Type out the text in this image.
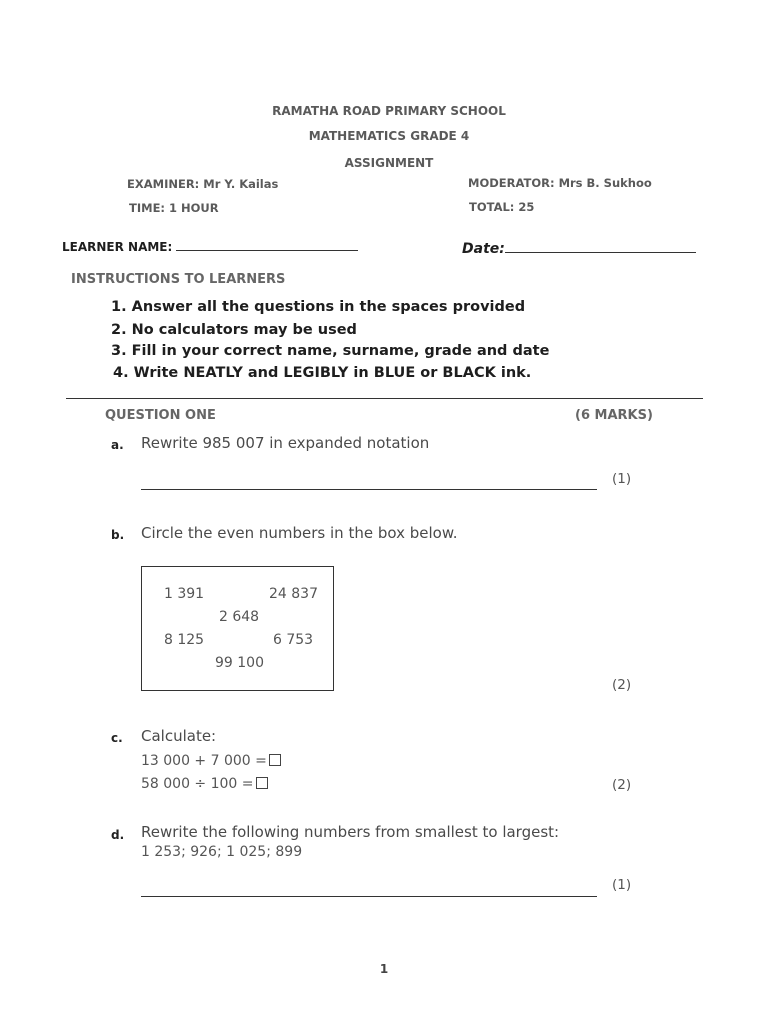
RAMATHA ROAD PRIMARY SCHOOL
MATHEMATICS GRADE 4
ASSIGNMENT
EXAMINER: Mr Y. Kailas	MODERATOR: Mrs B. Sukhoo
TIME: 1 HOUR	TOTAL: 25
LEARNER NAME:	Date:
INSTRUCTIONS TO LEARNERS
1. Answer all the questions in the spaces provided
2. No calculators may be used
3. Fill in your correct name, surname, grade and date
4. Write NEATLY and LEGIBLY in BLUE or BLACK ink.
QUESTION ONE	(6 MARKS)
a. Rewrite 985 007 in expanded notation
(1)
b. Circle the even numbers in the box below.
1 391	24 837
2 648
8 125	6 753
99 100
(2)
c. Calculate:
13 000 + 7 000 =
58 000 ÷ 100 =	(2)
d. Rewrite the following numbers from smallest to largest:
1 253; 926; 1 025; 899
(1)
1
